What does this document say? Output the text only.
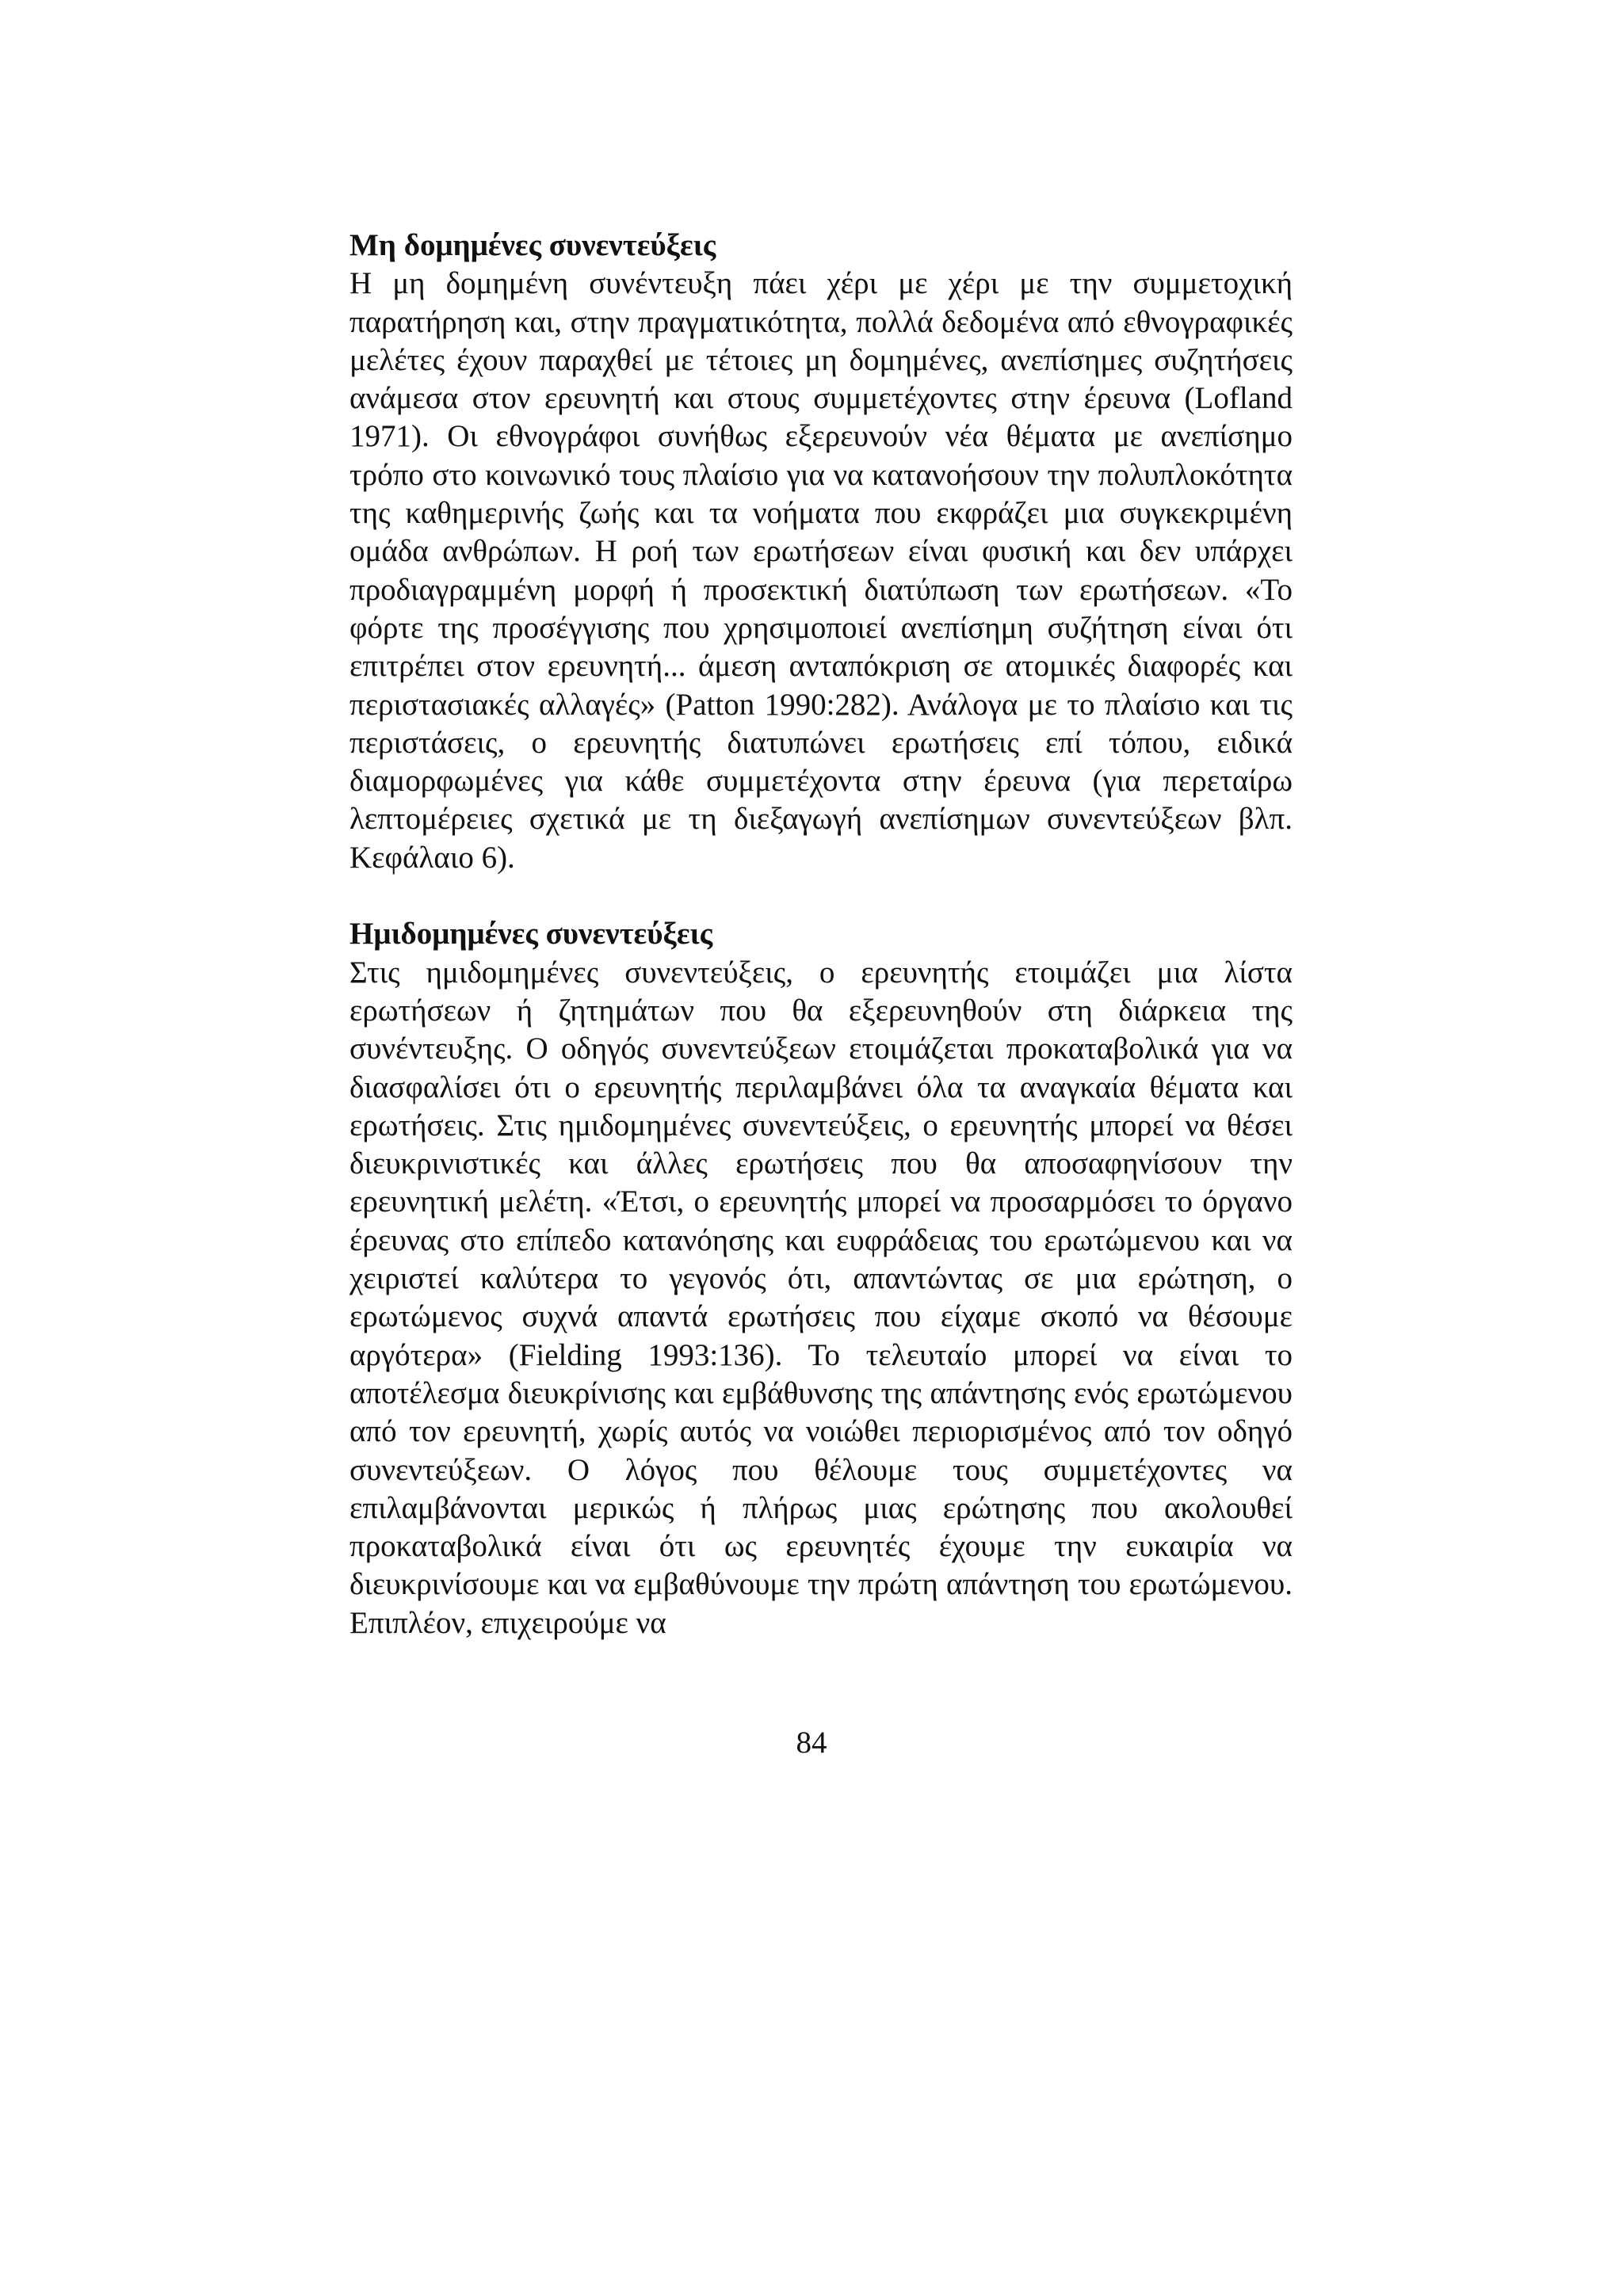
Μη δομημένες συνεντεύξεις

Η μη δομημένη συνέντευξη πάει χέρι με χέρι με την συμμετοχική παρατήρηση και, στην πραγματικότητα, πολλά δεδομένα από εθνογραφικές μελέτες έχουν παραχθεί με τέτοιες μη δομημένες, ανεπίσημες συζητήσεις ανάμεσα στον ερευνητή και στους συμμετέχοντες στην έρευνα (Lofland 1971). Οι εθνογράφοι συνήθως εξερευνούν νέα θέματα με ανεπίσημο τρόπο στο κοινωνικό τους πλαίσιο για να κατανοήσουν την πολυπλοκότητα της καθημερινής ζωής και τα νοήματα που εκφράζει μια συγκεκριμένη ομάδα ανθρώπων. Η ροή των ερωτήσεων είναι φυσική και δεν υπάρχει προδιαγραμμένη μορφή ή προσεκτική διατύπωση των ερωτήσεων. «Το φόρτε της προσέγγισης που χρησιμοποιεί ανεπίσημη συζήτηση είναι ότι επιτρέπει στον ερευνητή... άμεση ανταπόκριση σε ατομικές διαφορές και περιστασιακές αλλαγές» (Patton 1990:282). Ανάλογα με το πλαίσιο και τις περιστάσεις, ο ερευνητής διατυπώνει ερωτήσεις επί τόπου, ειδικά διαμορφωμένες για κάθε συμμετέχοντα στην έρευνα (για περεταίρω λεπτομέρειες σχετικά με τη διεξαγωγή ανεπίσημων συνεντεύξεων βλπ. Κεφάλαιο 6).

Ημιδομημένες συνεντεύξεις

Στις ημιδομημένες συνεντεύξεις, ο ερευνητής ετοιμάζει μια λίστα ερωτήσεων ή ζητημάτων που θα εξερευνηθούν στη διάρκεια της συνέντευξης. Ο οδηγός συνεντεύξεων ετοιμάζεται προκαταβολικά για να διασφαλίσει ότι ο ερευνητής περιλαμβάνει όλα τα αναγκαία θέματα και ερωτήσεις. Στις ημιδομημένες συνεντεύξεις, ο ερευνητής μπορεί να θέσει διευκρινιστικές και άλλες ερωτήσεις που θα αποσαφηνίσουν την ερευνητική μελέτη. «Έτσι, ο ερευνητής μπορεί να προσαρμόσει το όργανο έρευνας στο επίπεδο κατανόησης και ευφράδειας του ερωτώμενου και να χειριστεί καλύτερα το γεγονός ότι, απαντώντας σε μια ερώτηση, ο ερωτώμενος συχνά απαντά ερωτήσεις που είχαμε σκοπό να θέσουμε αργότερα» (Fielding 1993:136). Το τελευταίο μπορεί να είναι το αποτέλεσμα διευκρίνισης και εμβάθυνσης της απάντησης ενός ερωτώμενου από τον ερευνητή, χωρίς αυτός να νοιώθει περιορισμένος από τον οδηγό συνεντεύξεων. Ο λόγος που θέλουμε τους συμμετέχοντες να επιλαμβάνονται μερικώς ή πλήρως μιας ερώτησης που ακολουθεί προκαταβολικά είναι ότι ως ερευνητές έχουμε την ευκαιρία να διευκρινίσουμε και να εμβαθύνουμε την πρώτη απάντηση του ερωτώμενου. Επιπλέον, επιχειρούμε να

84
